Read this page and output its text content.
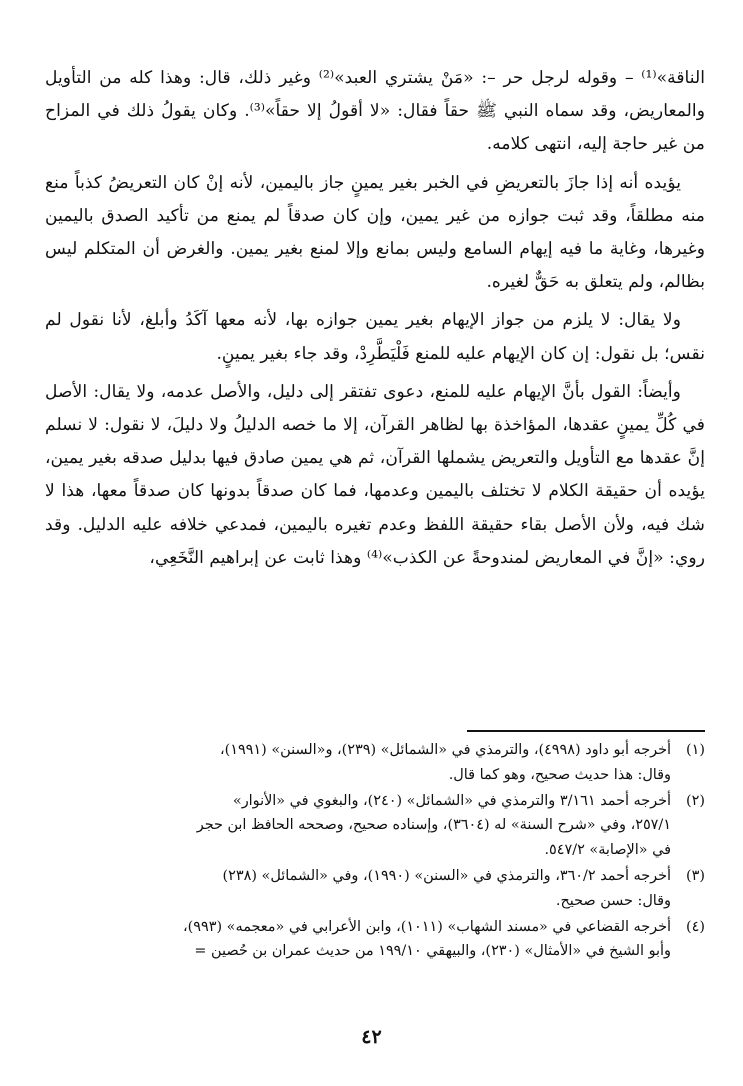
الناقة»⁽¹⁾ – وقوله لرجل حر –: «مَنْ يشتري العبد»⁽²⁾ وغير ذلك، قال: وهذا كله من التأويل والمعاريض، وقد سماه النبي ﷺ حقاً فقال: «لا أقولُ إلا حقاً»⁽³⁾. وكان يقولُ ذلك في المزاح من غير حاجة إليه، انتهى كلامه.

يؤيده أنه إذا جازَ بالتعريضِ في الخبر بغير يمينٍ جاز باليمين، لأنه إنْ كان التعريضُ كذباً منع منه مطلقاً، وقد ثبت جوازه من غير يمين، وإن كان صدقاً لم يمنع من تأكيد الصدق باليمين وغيرها، وغاية ما فيه إيهام السامع وليس بمانع وإلا لمنع بغير يمين. والغرض أن المتكلم ليس بظالم، ولم يتعلق به حَقٌّ لغيره.

ولا يقال: لا يلزم من جواز الإيهام بغير يمين جوازه بها، لأنه معها آكَدُ وأبلغ، لأنا نقول لم نقس؛ بل نقول: إن كان الإيهام عليه للمنع فَلْيَطَّرِدْ، وقد جاء بغير يمينٍ.

وأيضاً: القول بأنَّ الإيهام عليه للمنع، دعوى تفتقر إلى دليل، والأصل عدمه، ولا يقال: الأصل في كُلِّ يمينٍ عقدها، المؤاخذة بها لظاهر القرآن، إلا ما خصه الدليلُ ولا دليلَ، لا نقول: لا نسلم إنَّ عقدها مع التأويل والتعريض يشملها القرآن، ثم هي يمين صادق فيها بدليل صدقه بغير يمين، يؤيده أن حقيقة الكلام لا تختلف باليمين وعدمها، فما كان صدقاً بدونها كان صدقاً معها، هذا لا شك فيه، ولأن الأصل بقاء حقيقة اللفظ وعدم تغيره باليمين، فمدعي خلافه عليه الدليل. وقد روي: «إنَّ في المعاريض لمندوحةً عن الكذب»⁽⁴⁾ وهذا ثابت عن إبراهيم النَّخَعِي،

(١)
أخرجه أبو داود (٤٩٩٨)، والترمذي في «الشمائل» (٢٣٩)، و«السنن» (١٩٩١)،
وقال: هذا حديث صحيح، وهو كما قال.
(٢)
أخرجه أحمد ٣/١٦١ والترمذي في «الشمائل» (٢٤٠)، والبغوي في «الأنوار»
٢٥٧/١، وفي «شرح السنة» له (٣٦٠٤)، وإسناده صحيح، وصححه الحافظ ابن حجر
في «الإصابة» ٥٤٧/٢.
(٣)
أخرجه أحمد ٣٦٠/٢، والترمذي في «السنن» (١٩٩٠)، وفي «الشمائل» (٢٣٨)
وقال: حسن صحيح.
(٤)
أخرجه القضاعي في «مسند الشهاب» (١٠١١)، وابن الأعرابي في «معجمه» (٩٩٣)،
وأبو الشيخ في «الأمثال» (٢٣٠)، والبيهقي ١٩٩/١٠ من حديث عمران بن حُصين =
٤٢
